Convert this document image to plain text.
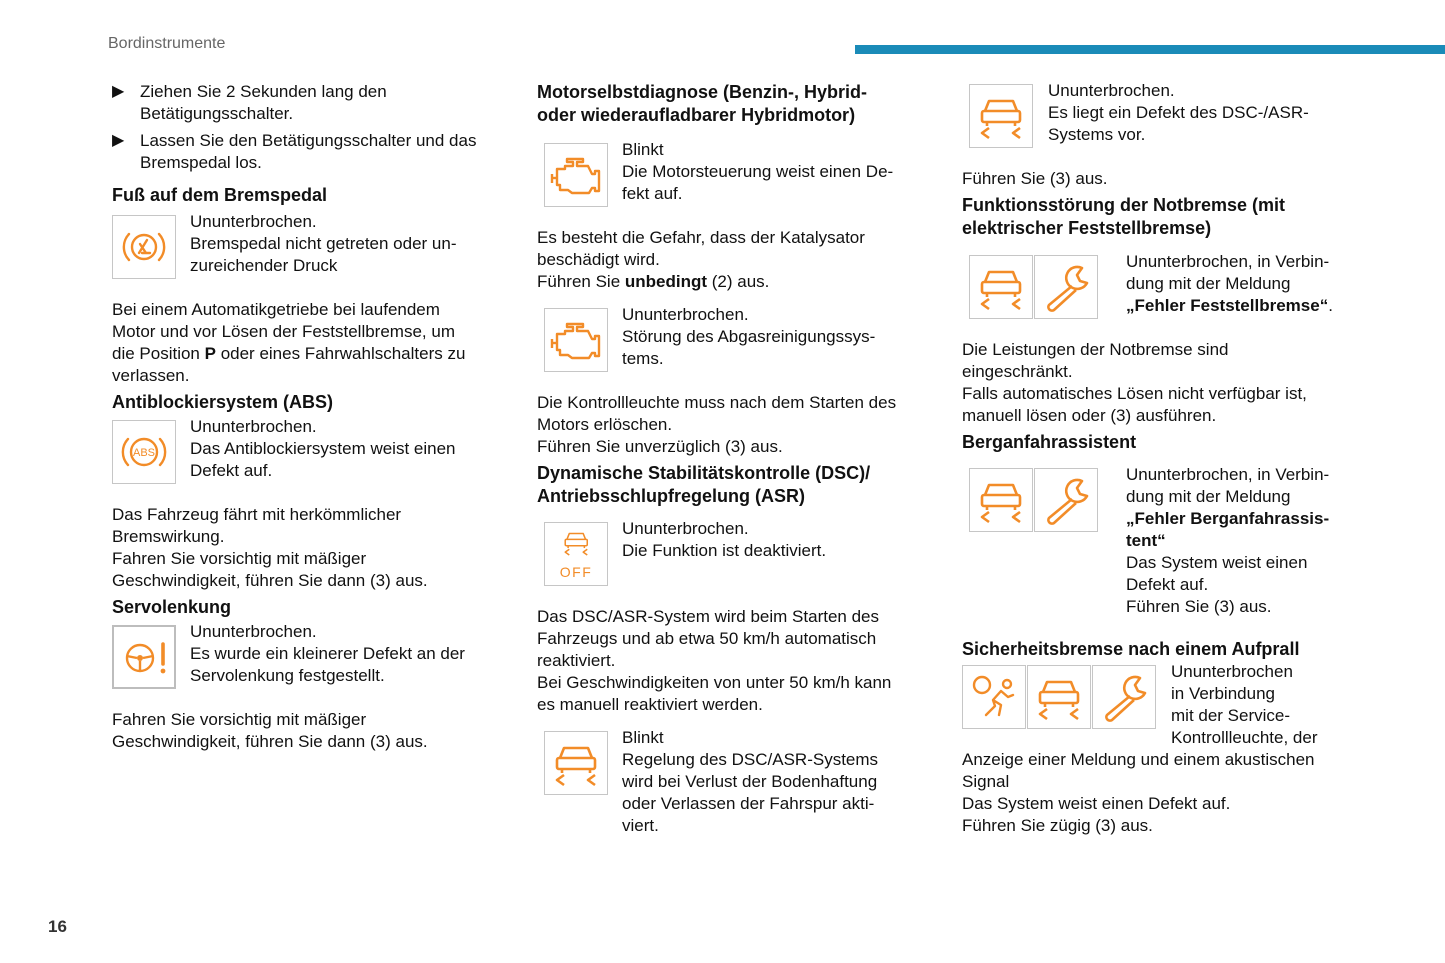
Bordinstrumente
▶ Ziehen Sie 2 Sekunden lang den Betätigungsschalter.

▶ Lassen Sie den Betätigungsschalter und das Bremspedal los.

Fuß auf dem Bremspedal

Ununterbrochen.

Bremspedal nicht getreten oder un-

zureichender Druck

Bei einem Automatikgetriebe bei laufendem

Motor und vor Lösen der Feststellbremse, um

die Position P oder eines Fahrwahlschalters zu

verlassen.

Antiblockiersystem (ABS)
ABS

Ununterbrochen.

Das Antiblockiersystem weist einen

Defekt auf.

Das Fahrzeug fährt mit herkömmlicher

Bremswirkung.

Fahren Sie vorsichtig mit mäßiger

Geschwindigkeit, führen Sie dann (3) aus.

Servolenkung

Ununterbrochen.

Es wurde ein kleinerer Defekt an der

Servolenkung festgestellt.

Fahren Sie vorsichtig mit mäßiger

Geschwindigkeit, führen Sie dann (3) aus.

Motorselbstdiagnose (Benzin-, Hybrid-
oder wiederaufladbarer Hybridmotor)

Blinkt

Die Motorsteuerung weist einen De-

fekt auf.

Es besteht die Gefahr, dass der Katalysator

beschädigt wird.

Führen Sie unbedingt (2) aus.

Ununterbrochen.

Störung des Abgasreinigungssys-

tems.

Die Kontrollleuchte muss nach dem Starten des

Motors erlöschen.

Führen Sie unverzüglich (3) aus.

Dynamische Stabilitätskontrolle (DSC)/
Antriebsschlupfregelung (ASR)
OFF

Ununterbrochen.

Die Funktion ist deaktiviert.

Das DSC/ASR-System wird beim Starten des

Fahrzeugs und ab etwa 50 km/h automatisch

reaktiviert.

Bei Geschwindigkeiten von unter 50 km/h kann

es manuell reaktiviert werden.

Blinkt

Regelung des DSC/ASR-Systems

wird bei Verlust der Bodenhaftung

oder Verlassen der Fahrspur akti-

viert.

Ununterbrochen.

Es liegt ein Defekt des DSC-/ASR-

Systems vor.

Führen Sie (3) aus.

Funktionsstörung der Notbremse (mit
elektrischer Feststellbremse)

Ununterbrochen, in Verbin-

dung mit der Meldung

„Fehler Feststellbremse“.

Die Leistungen der Notbremse sind

eingeschränkt.

Falls automatisches Lösen nicht verfügbar ist,

manuell lösen oder (3) ausführen.

Berganfahrassistent

Ununterbrochen, in Verbin-

dung mit der Meldung

„Fehler Berganfahrassis-

tent“

Das System weist einen

Defekt auf.

Führen Sie (3) aus.

Sicherheitsbremse nach einem Aufprall

Ununterbrochen

in Verbindung

mit der Service-

Kontrollleuchte, der

Anzeige einer Meldung und einem akustischen

Signal

Das System weist einen Defekt auf.

Führen Sie zügig (3) aus.

16
